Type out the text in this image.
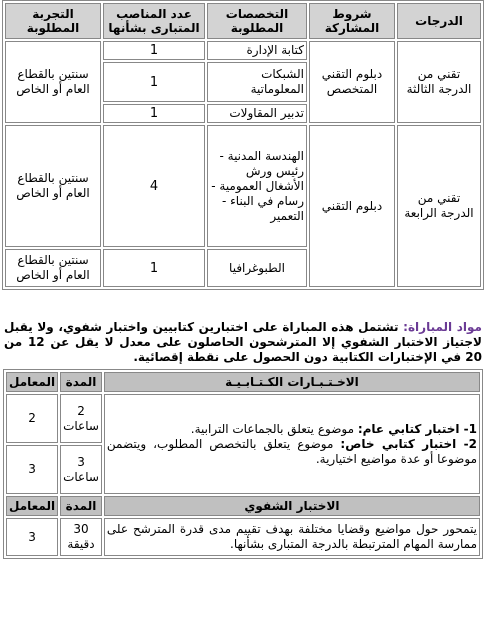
الدرجات	شروط المشاركة	التخصصات المطلوبة	عدد المناصب المتبارى بشأنها	التجربة المطلوبة
تقني من الدرجة الثالثة	دبلوم التقني المتخصص	كتابة الإدارة	1	سنتين بالقطاع العام أو الخاص
		الشبكات المعلوماتية	1	
		تدبير المقاولات	1	
تقني من الدرجة الرابعة	دبلوم التقني	الهندسة المدنية - رئيس ورش الأشغال العمومية - رسام في البناء - التعمير	4	سنتين بالقطاع العام أو الخاص
		الطبوغرافيا	1	سنتين بالقطاع العام أو الخاص
مواد المباراة: تشتمل هذه المباراة على اختبارين كتابيين واختبار شفوي، ولا يقبل لاجتياز الاختبار الشفوي إلا المترشحون الحاصلون على معدل لا يقل عن 12 من 20 في الإختبارات الكتابية دون الحصول على نقطة إقصائية.
الاخـتـبـارات الكـتـابـيـة	المدة	المعامل

1- اختبار كتابي عام: موضوع يتعلق بالجماعات الترابية.
2- اختبار كتابي خاص: موضوع يتعلق بالتخصص المطلوب، ويتضمن موضوعا أو عدة مواضيع اختيارية.	2 ساعات	2
	3 ساعات	3
الاختبار الشفوي	المدة	المعامل
يتمحور حول مواضيع وقضايا مختلفة بهدف تقييم مدى قدرة المترشح على ممارسة المهام المترتبطة بالدرجة المتبارى بشأنها.	30 دقيقة	3
